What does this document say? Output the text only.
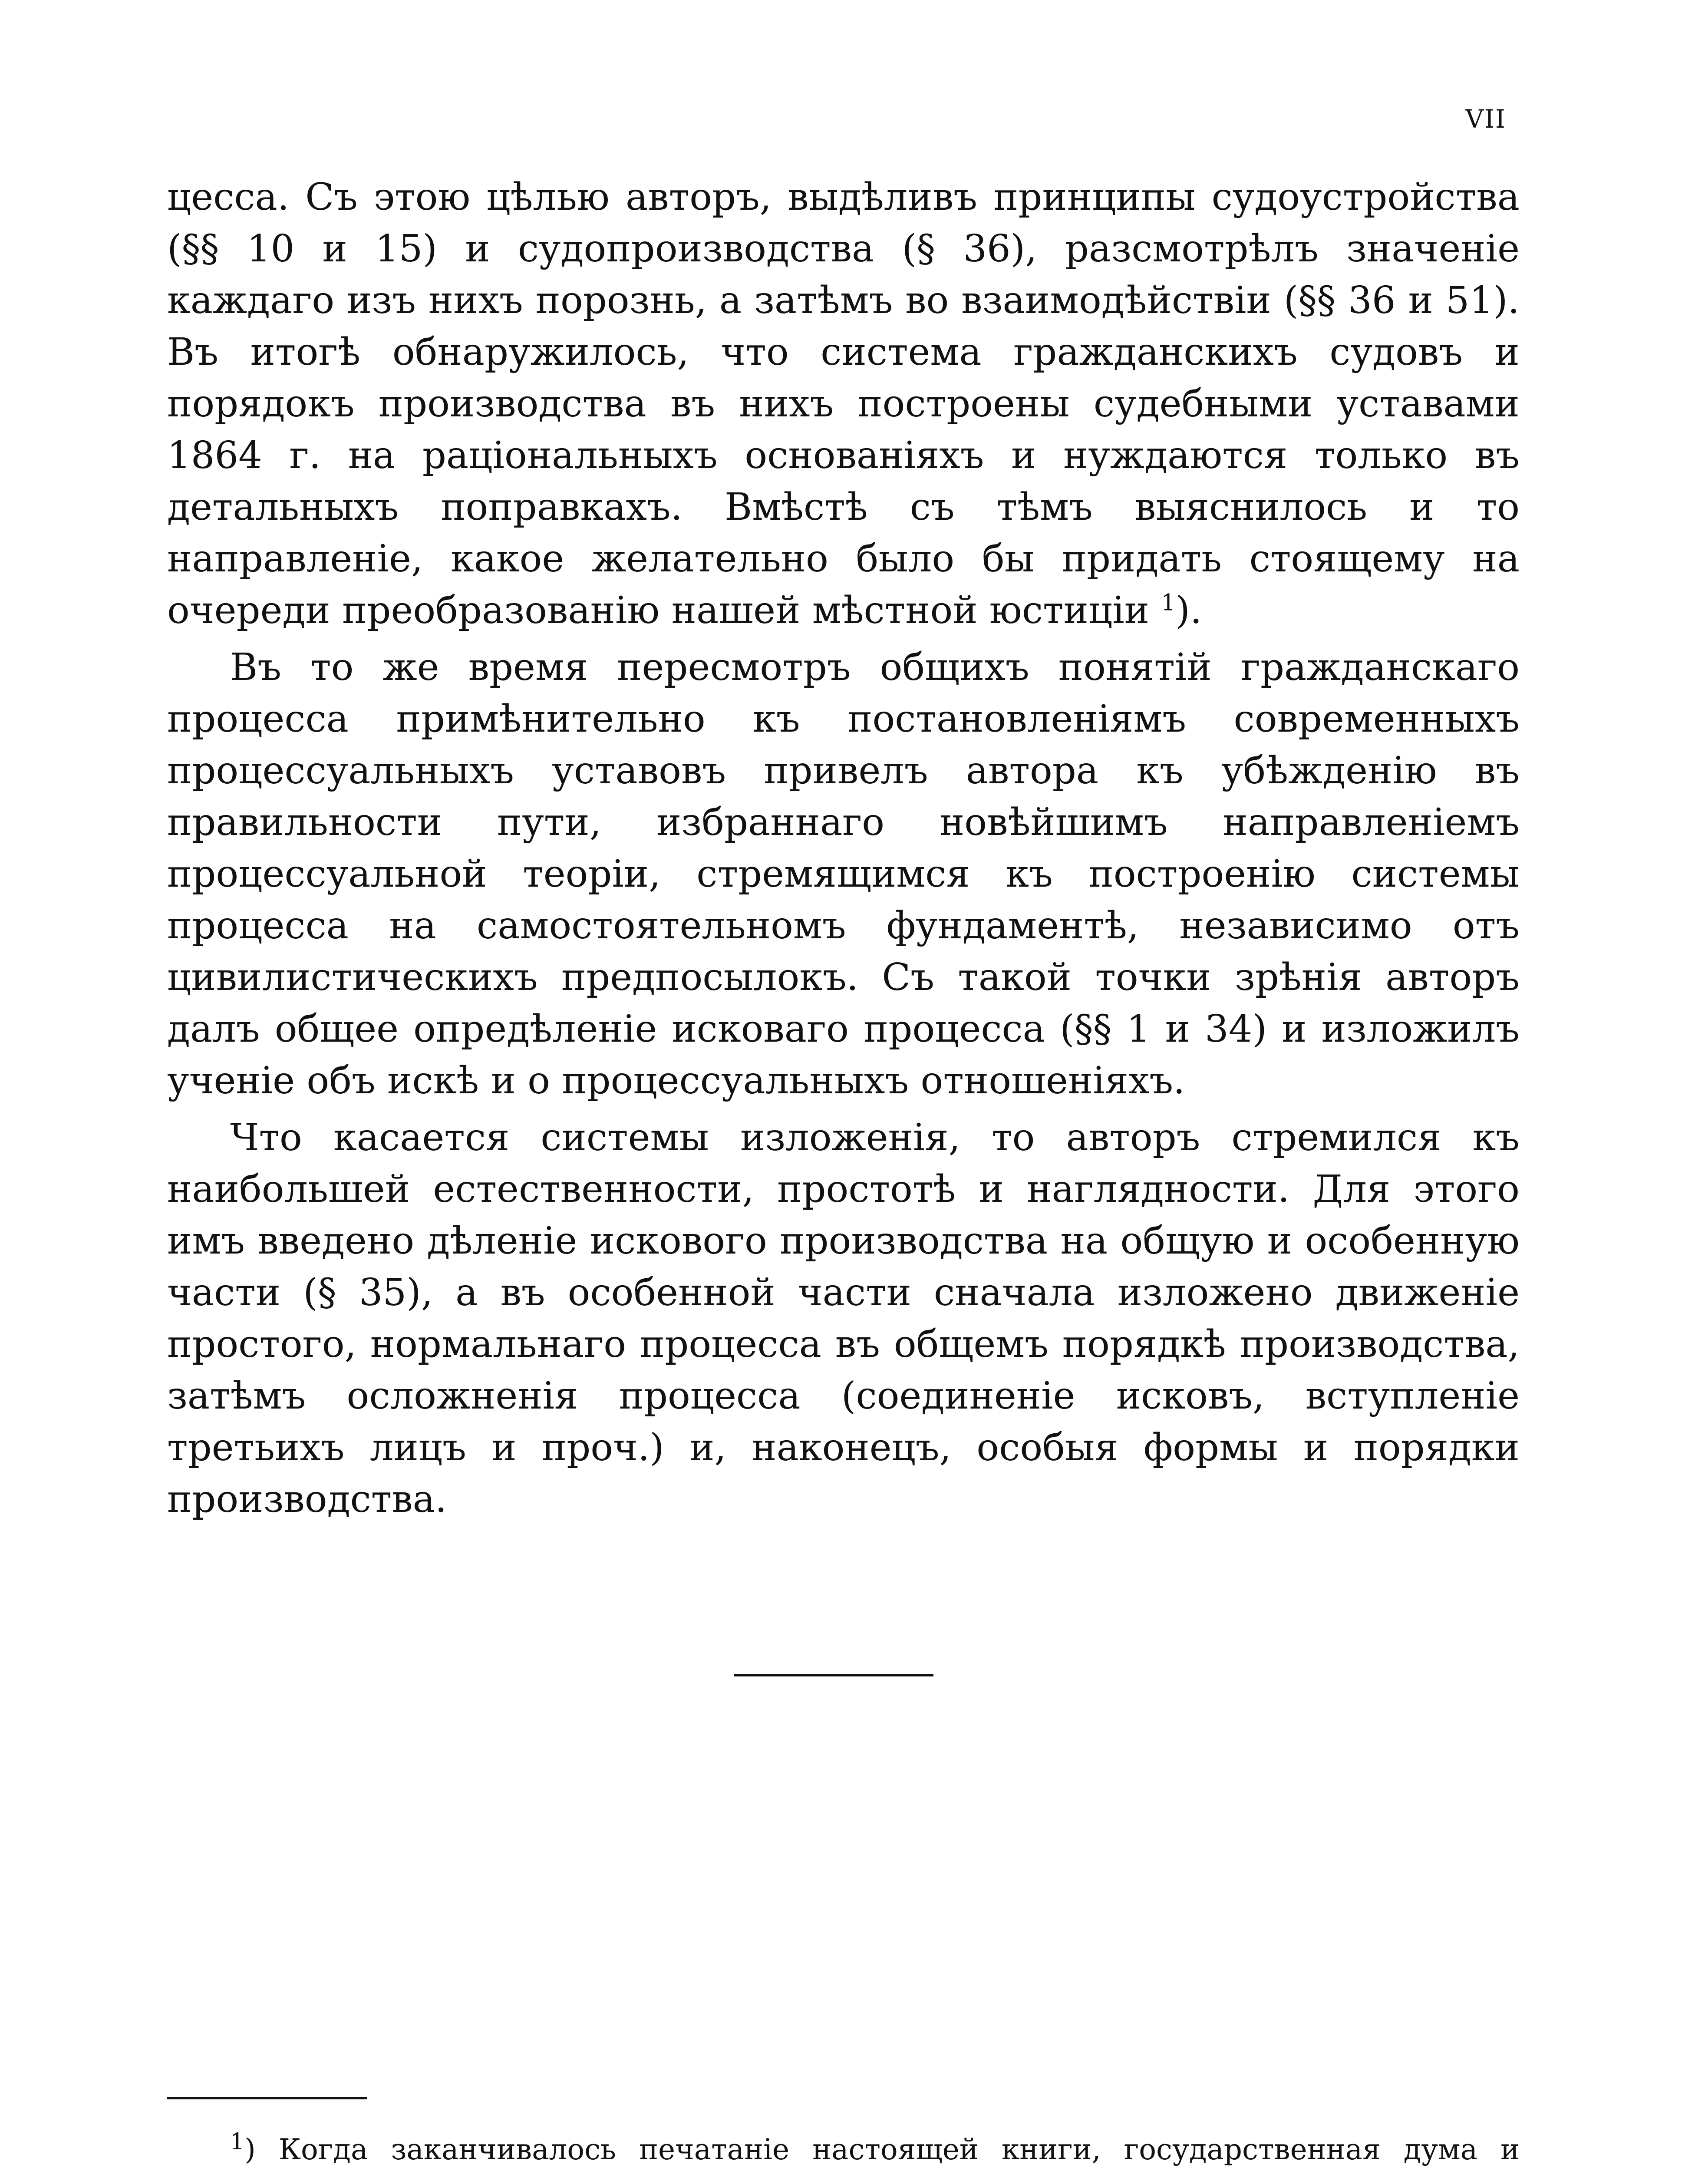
VII

цесса. Съ этою цѣлью авторъ, выдѣливъ принципы судоустройства (§§ 10 и 15) и судопроизводства (§ 36), разсмотрѣлъ значеніе каждаго изъ нихъ порознь, а затѣмъ во взаимодѣйствіи (§§ 36 и 51). Въ итогѣ обнаружилось, что система гражданскихъ судовъ и порядокъ производства въ нихъ построены судебными уставами 1864 г. на раціональныхъ основаніяхъ и нуждаются только въ детальныхъ поправкахъ. Вмѣстѣ съ тѣмъ выяснилось и то направленіе, какое желательно было бы придать стоящему на очереди преобразованію нашей мѣстной юстиціи $^1$).

Въ то же время пересмотръ общихъ понятій гражданскаго процесса примѣнительно къ постановленіямъ современныхъ процессуальныхъ уставовъ привелъ автора къ убѣжденію въ правильности пути, избраннаго новѣйшимъ направленіемъ процессуальной теоріи, стремящимся къ построенію системы процесса на самостоятельномъ фундаментѣ, независимо отъ цивилистическихъ предпосылокъ. Съ такой точки зрѣнія авторъ далъ общее опредѣленіе исковаго процесса (§§ 1 и 34) и изложилъ ученіе объ искѣ и о процессуальныхъ отношеніяхъ.

Что касается системы изложенія, то авторъ стремился къ наибольшей естественности, простотѣ и наглядности. Для этого имъ введено дѣленіе искового производства на общую и особенную части (§ 35), а въ особенной части сначала изложено движеніе простого, нормальнаго процесса въ общемъ порядкѣ производства, затѣмъ осложненія процесса (соединеніе исковъ, вступленіе третьихъ лицъ и проч.) и, наконецъ, особыя формы и порядки производства.

$^1$) Когда заканчивалось печатаніе настоящей книги, государственная дума и
